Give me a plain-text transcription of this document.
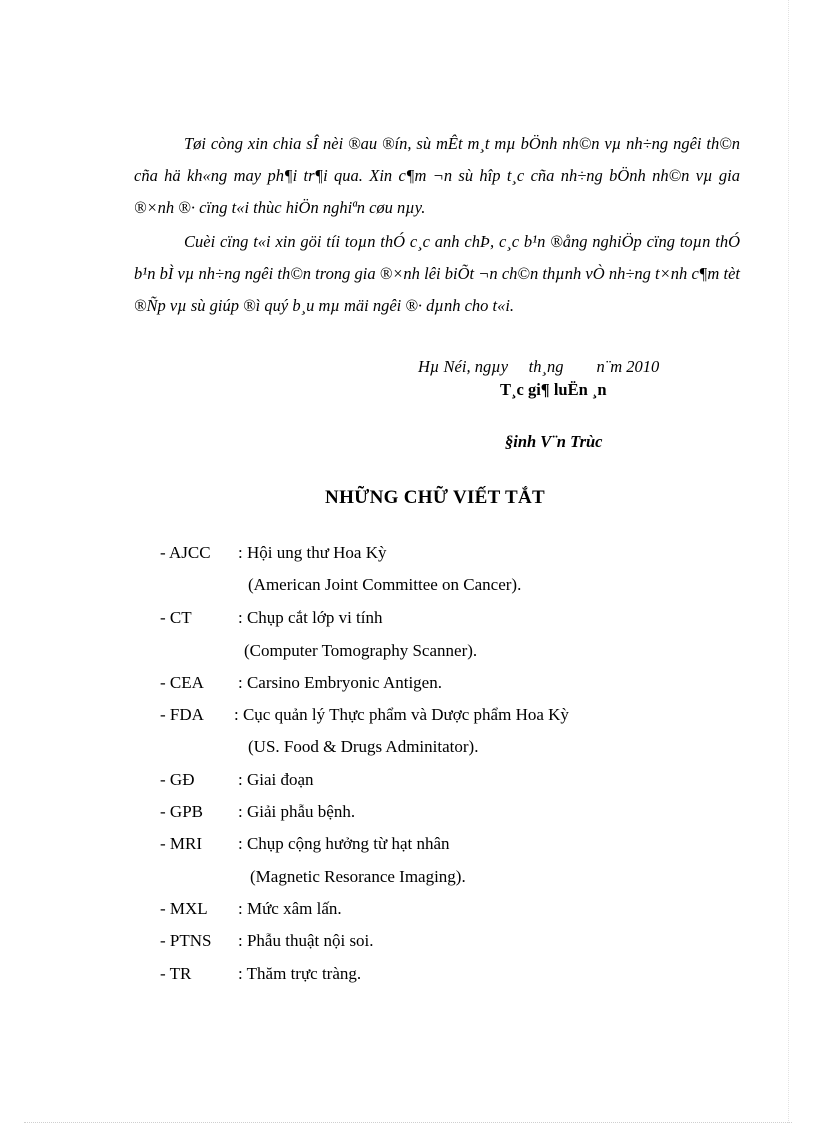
Tøi còng xin chia sÎ nèi ®au ®ín, sù mÊt m¸t mµ bÖnh nh©n vµ nh÷ng ngêi th©n cña hä kh«ng may ph¶i tr¶i qua. Xin c¶m ¬n sù hîp t¸c cña nh÷ng bÖnh nh©n vµ gia ®×nh ®· cïng t«i thùc hiÖn nghiªn cøu nµy.

Cuèi cïng t«i xin göi tíi toµn thÓ c¸c anh chÞ, c¸c b¹n ®ång nghiÖp cïng toµn thÓ b¹n bÌ vµ nh÷ng ngêi th©n trong gia ®×nh lêi biÕt ¬n ch©n thµnh vÒ nh÷ng t×nh c¶m tèt ®Ñp vµ sù giúp ®ì quý b¸u mµ mäi ngêi ®· dµnh cho t«i.

Hµ Néi, ngµy     th¸ng        n¨m 2010
T¸c gi¶ luËn ¸n
§inh V¨n Trùc
NHỮNG CHỮ VIẾT TẮT
- AJCC : Hội ung thư Hoa Kỳ
(American Joint Committee on Cancer).
- CT	: Chụp cắt lớp vi tính
(Computer Tomography Scanner).
- CEA : Carsino Embryonic Antigen.
- FDA : Cục quản lý Thực phẩm và Dược phẩm Hoa Kỳ
(US. Food & Drugs Adminitator).
- GĐ	: Giai đoạn
- GPB : Giải phẫu bệnh.
- MRI : Chụp cộng hưởng từ hạt nhân
(Magnetic Resorance Imaging).
- MXL : Mức xâm lấn.
- PTNS : Phẫu thuật nội soi.
- TR	: Thăm trực tràng.
